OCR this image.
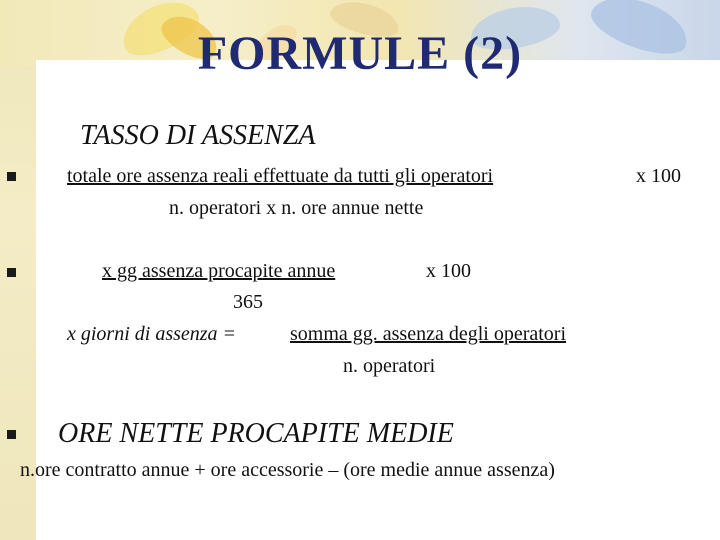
FORMULE (2)
TASSO DI ASSENZA
totale ore assenza reali effettuate da tutti gli operatori	x 100
n. operatori x n. ore annue nette
x gg assenza procapite annue	x 100
365
x giorni di assenza =	somma gg. assenza degli operatori
n. operatori
ORE NETTE PROCAPITE MEDIE
n.ore contratto annue + ore accessorie – (ore medie annue assenza)
